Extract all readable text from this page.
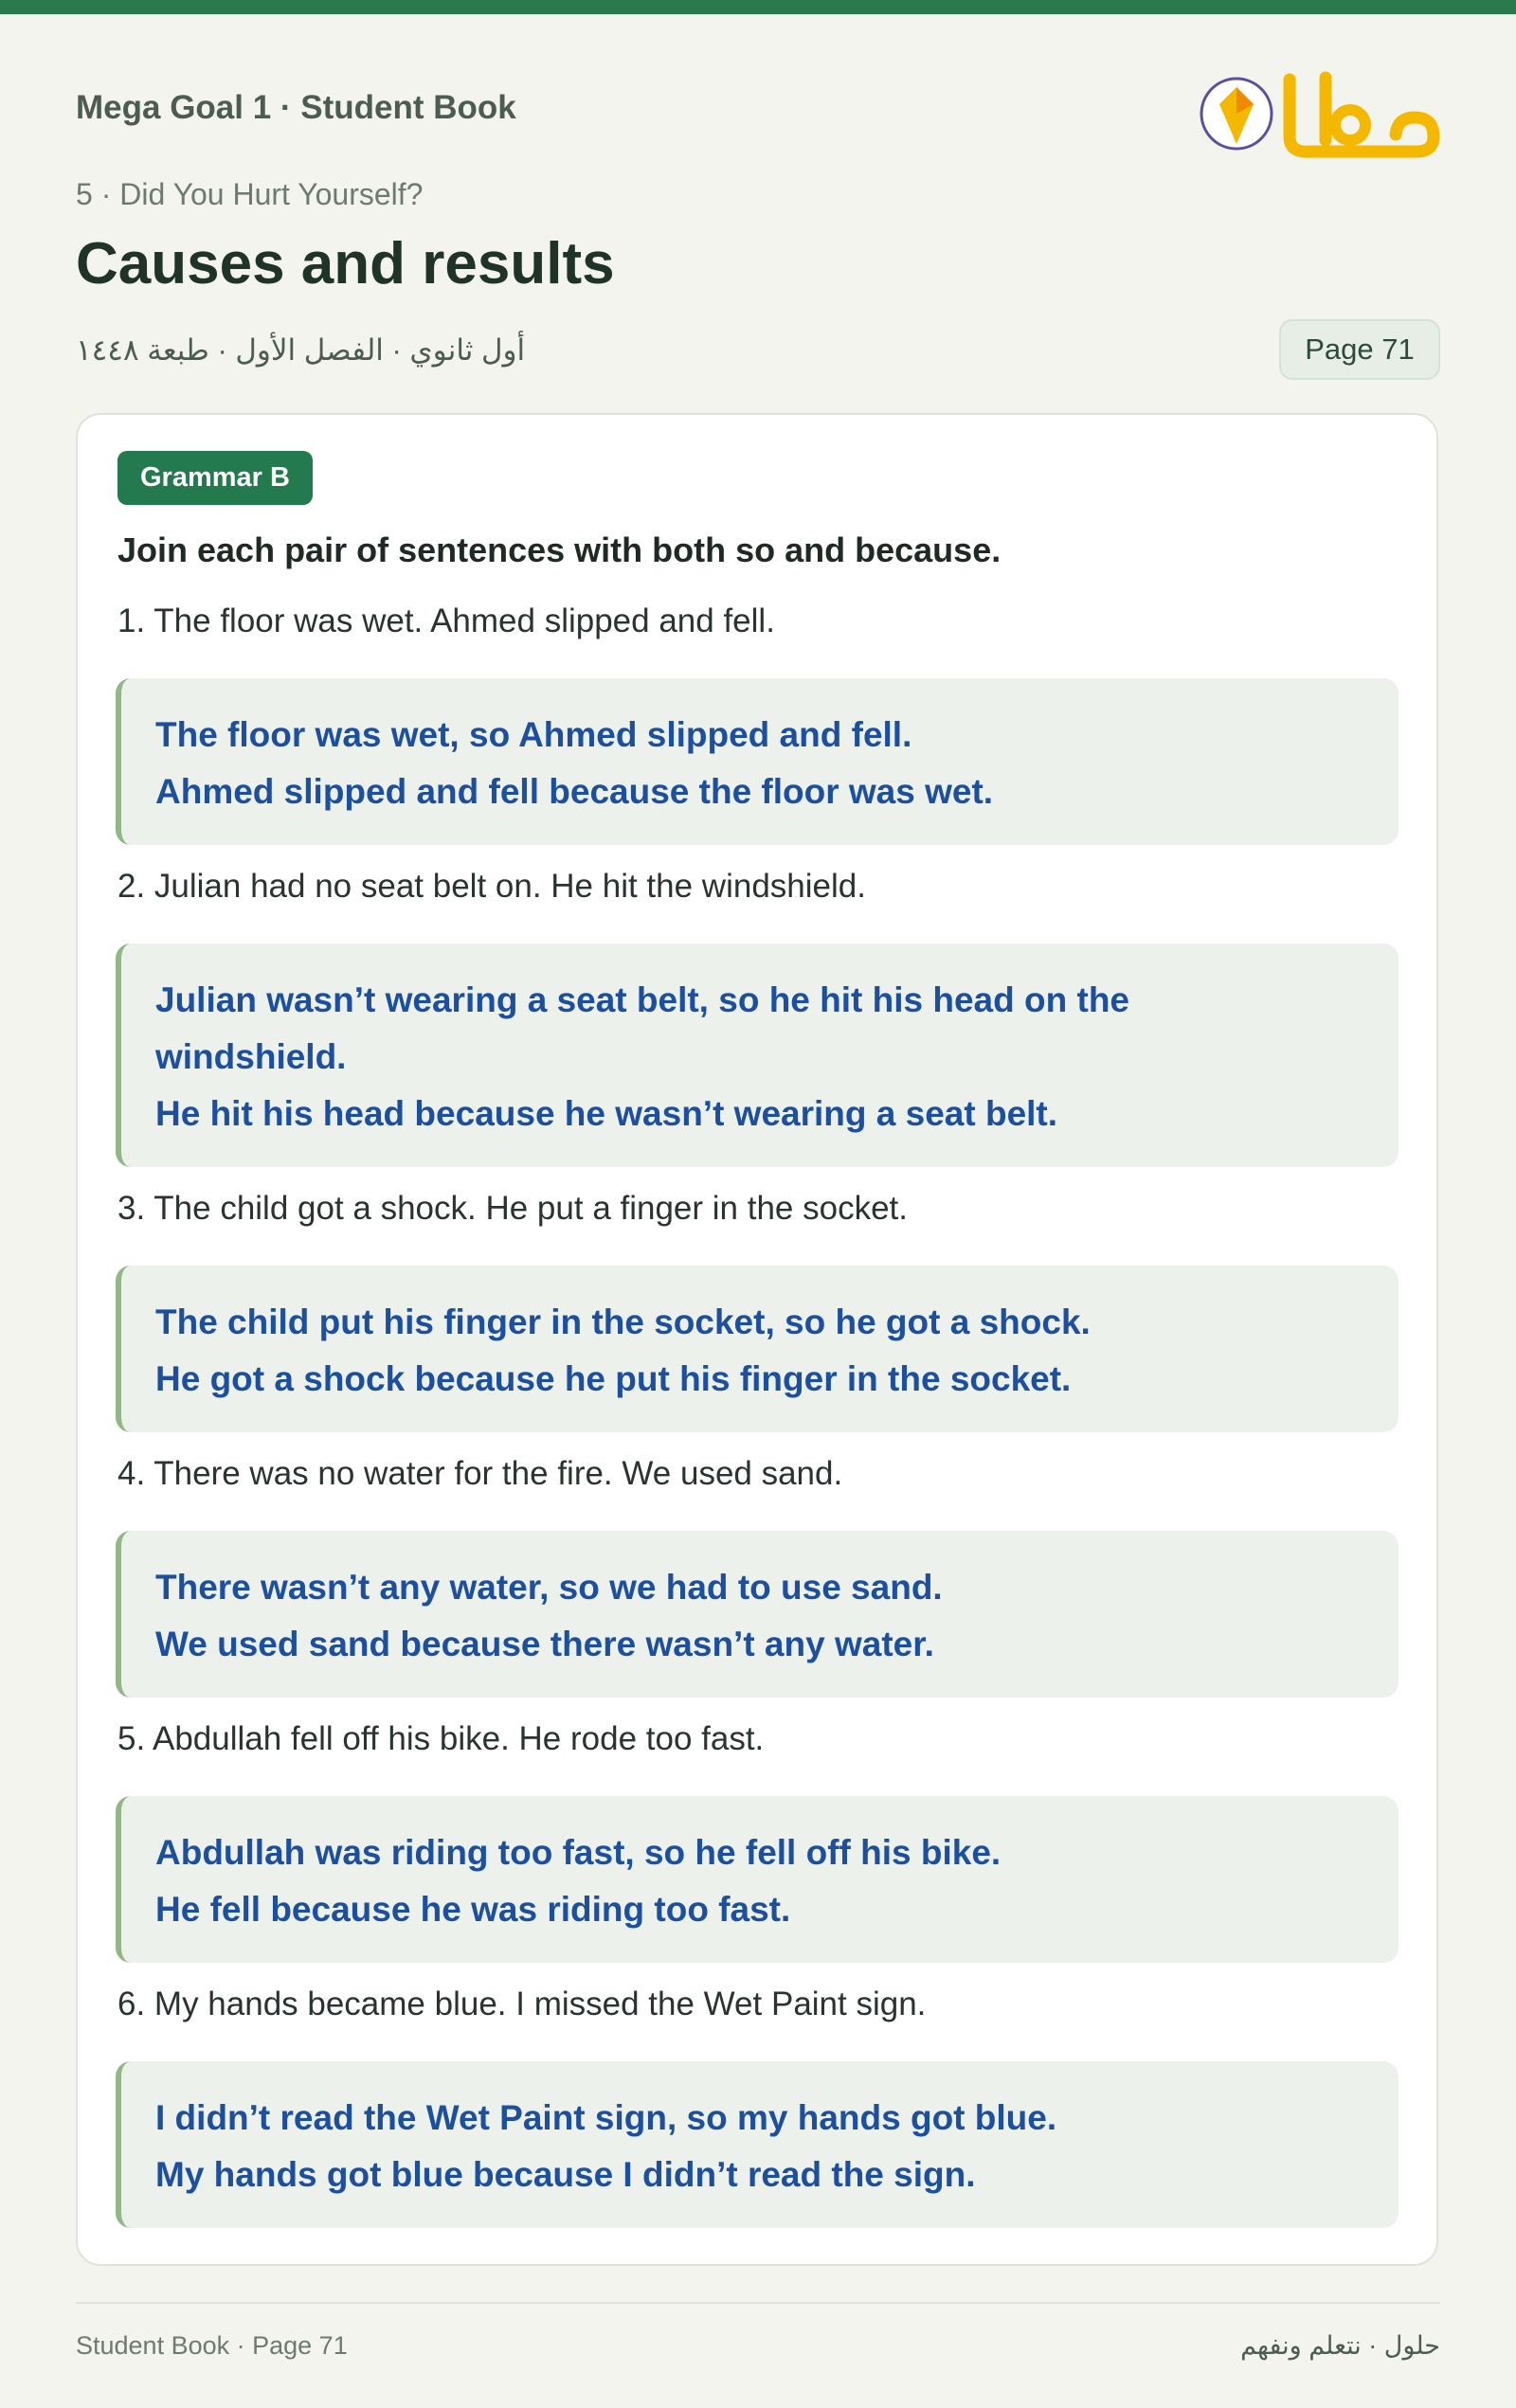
Mega Goal 1 · Student Book
5 · Did You Hurt Yourself?
Causes and results
أول ثانوي · الفصل الأول · طبعة ١٤٤٨	Page 71
Grammar B
Join each pair of sentences with both so and because.
1. The floor was wet. Ahmed slipped and fell.
The floor was wet, so Ahmed slipped and fell.
Ahmed slipped and fell because the floor was wet.
2. Julian had no seat belt on. He hit the windshield.
Julian wasn’t wearing a seat belt, so he hit his head on the
windshield.
He hit his head because he wasn’t wearing a seat belt.
3. The child got a shock. He put a finger in the socket.
The child put his finger in the socket, so he got a shock.
He got a shock because he put his finger in the socket.
4. There was no water for the fire. We used sand.
There wasn’t any water, so we had to use sand.
We used sand because there wasn’t any water.
5. Abdullah fell off his bike. He rode too fast.
Abdullah was riding too fast, so he fell off his bike.
He fell because he was riding too fast.
6. My hands became blue. I missed the Wet Paint sign.
I didn’t read the Wet Paint sign, so my hands got blue.
My hands got blue because I didn’t read the sign.
Student Book · Page 71	حلول · نتعلم ونفهم
